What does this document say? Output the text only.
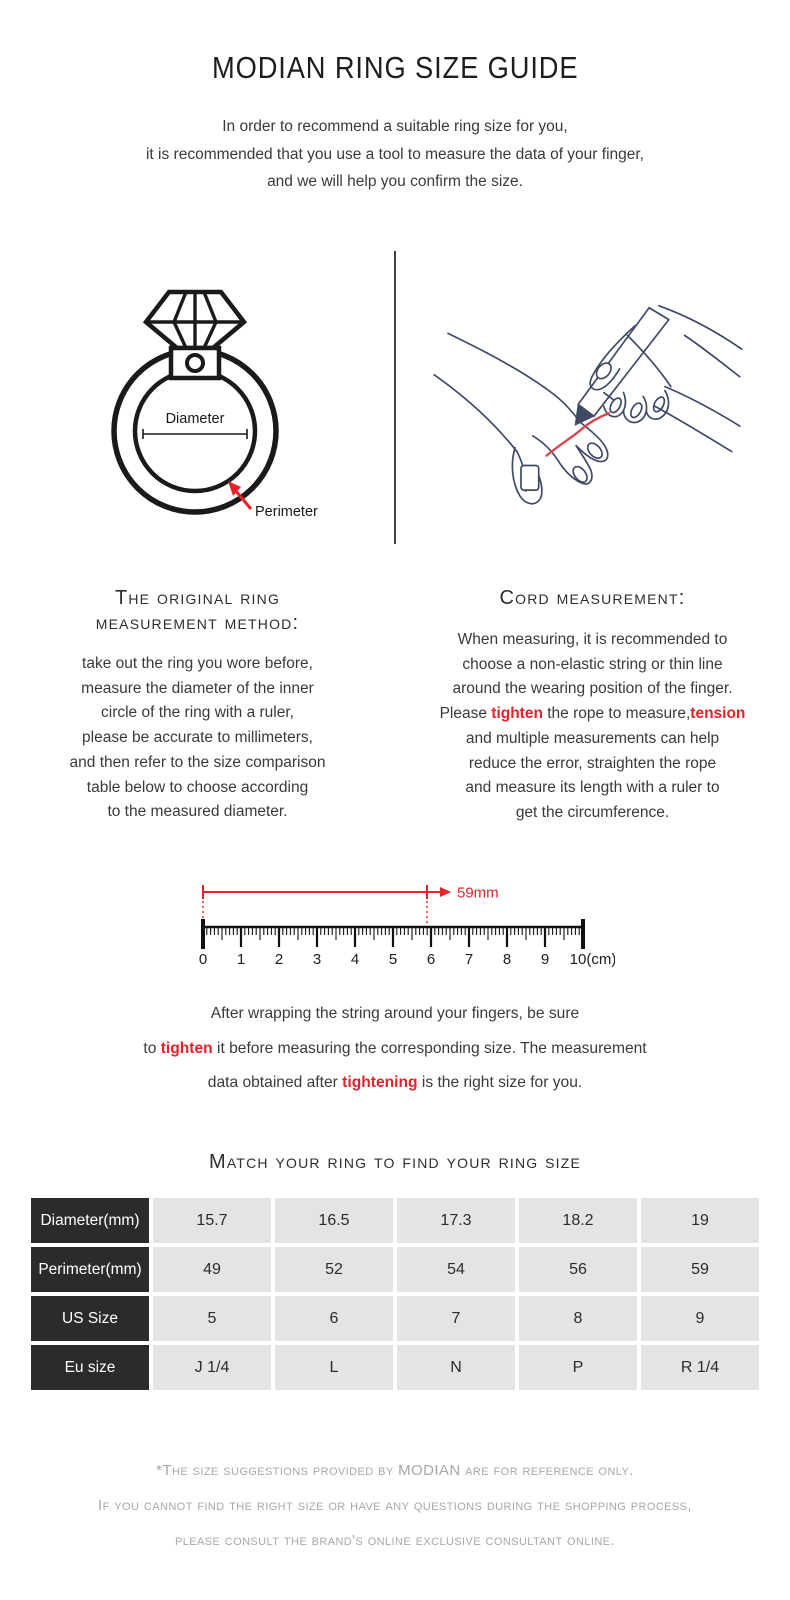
MODIAN RING SIZE GUIDE
In order to recommend a suitable ring size for you,
it is recommended that you use a tool to measure the data of your finger,
and we will help you confirm the size.
Diameter
Perimeter
The original ring
measurement method:
take out the ring you wore before,
measure the diameter of the inner
circle of the ring with a ruler,
please be accurate to millimeters,
and then refer to the size comparison
table below to choose according
to the measured diameter.
Cord measurement:
When measuring, it is recommended to
choose a non-elastic string or thin line
around the wearing position of the finger.
Please tighten the rope to measure,tension
and multiple measurements can help
reduce the error, straighten the rope
and measure its length with a ruler to
get the circumference.
59mm
0 1 2 3 4 5 6 7 8 9 10(cm)
After wrapping the string around your fingers, be sure
to tighten it before measuring the corresponding size. The measurement
data obtained after tightening is the right size for you.
Match your ring to find your ring size
Diameter(mm)	15.7	16.5	17.3	18.2	19
Perimeter(mm)	49	52	54	56	59
US Size	5	6	7	8	9
Eu size	J 1/4	L	N	P	R 1/4
*The size suggestions provided by MODIAN are for reference only.
If you cannot find the right size or have any questions during the shopping process,
please consult the brand's online exclusive consultant online.
